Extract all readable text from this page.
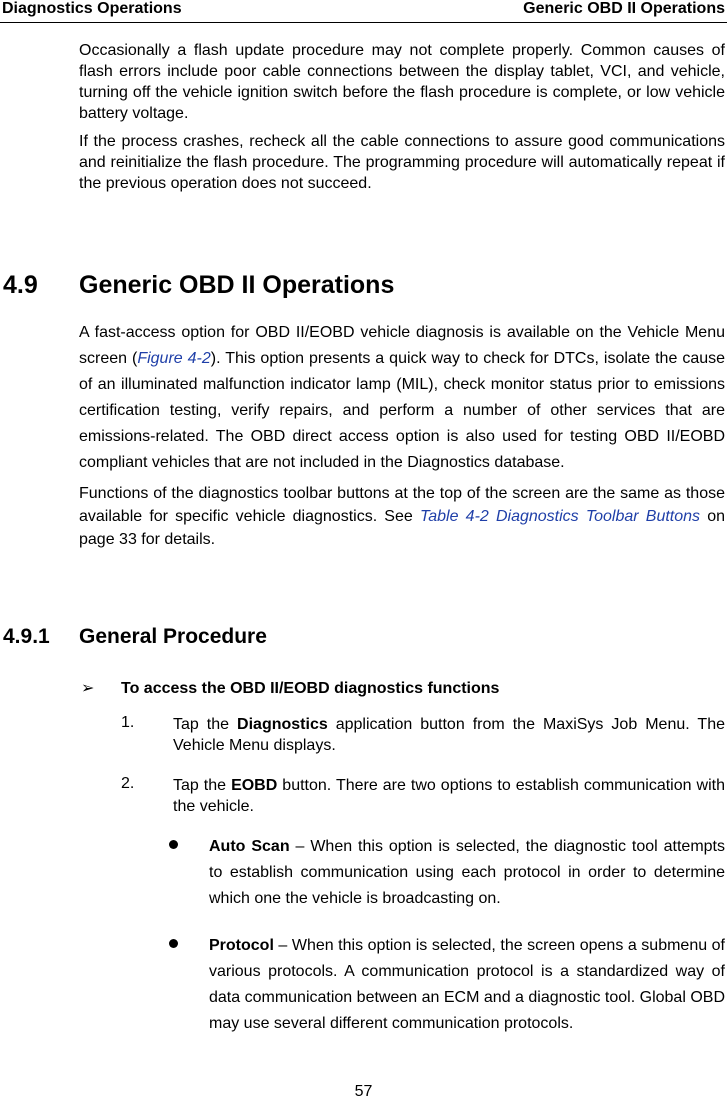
Diagnostics Operations	Generic OBD II Operations

Occasionally a flash update procedure may not complete properly. Common causes of flash errors include poor cable connections between the display tablet, VCI, and vehicle, turning off the vehicle ignition switch before the flash procedure is complete, or low vehicle battery voltage.

If the process crashes, recheck all the cable connections to assure good communications and reinitialize the flash procedure. The programming procedure will automatically repeat if the previous operation does not succeed.

4.9 Generic OBD II Operations

A fast-access option for OBD II/EOBD vehicle diagnosis is available on the Vehicle Menu screen (Figure 4-2). This option presents a quick way to check for DTCs, isolate the cause of an illuminated malfunction indicator lamp (MIL), check monitor status prior to emissions certification testing, verify repairs, and perform a number of other services that are emissions-related. The OBD direct access option is also used for testing OBD II/EOBD compliant vehicles that are not included in the Diagnostics database.

Functions of the diagnostics toolbar buttons at the top of the screen are the same as those available for specific vehicle diagnostics. See Table 4-2 Diagnostics Toolbar Buttons on page 33 for details.

4.9.1 General Procedure
➢	To access the OBD II/EOBD diagnostics functions
1. Tap the Diagnostics application button from the MaxiSys Job Menu. The Vehicle Menu displays.
2. Tap the EOBD button. There are two options to establish communication with the vehicle.
Auto Scan – When this option is selected, the diagnostic tool attempts to establish communication using each protocol in order to determine which one the vehicle is broadcasting on.
Protocol – When this option is selected, the screen opens a submenu of various protocols. A communication protocol is a standardized way of data communication between an ECM and a diagnostic tool. Global OBD may use several different communication protocols.
57
